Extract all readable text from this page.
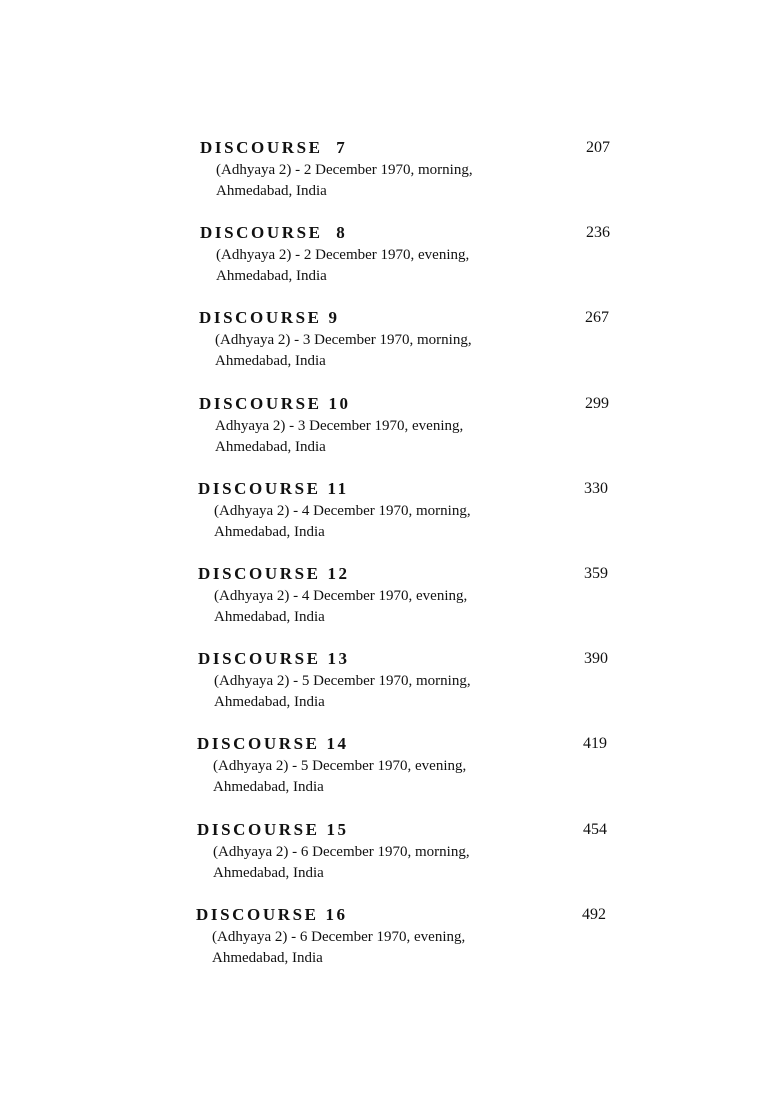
DISCOURSE  7	207
(Adhyaya 2) - 2 December 1970, morning,
Ahmedabad, India
DISCOURSE  8	236
(Adhyaya 2) - 2 December 1970, evening,
Ahmedabad, India
DISCOURSE 9	267
(Adhyaya 2) - 3 December 1970, morning,
Ahmedabad, India
DISCOURSE 10	299
Adhyaya 2) - 3 December 1970, evening,
Ahmedabad, India
DISCOURSE 11	330
(Adhyaya 2) - 4 December 1970, morning,
Ahmedabad, India
DISCOURSE 12	359
(Adhyaya 2) - 4 December 1970, evening,
Ahmedabad, India
DISCOURSE 13	390
(Adhyaya 2) - 5 December 1970, morning,
Ahmedabad, India
DISCOURSE 14	419
(Adhyaya 2) - 5 December 1970, evening,
Ahmedabad, India
DISCOURSE 15	454
(Adhyaya 2) - 6 December 1970, morning,
Ahmedabad, India
DISCOURSE 16	492
(Adhyaya 2) - 6 December 1970, evening,
Ahmedabad, India
